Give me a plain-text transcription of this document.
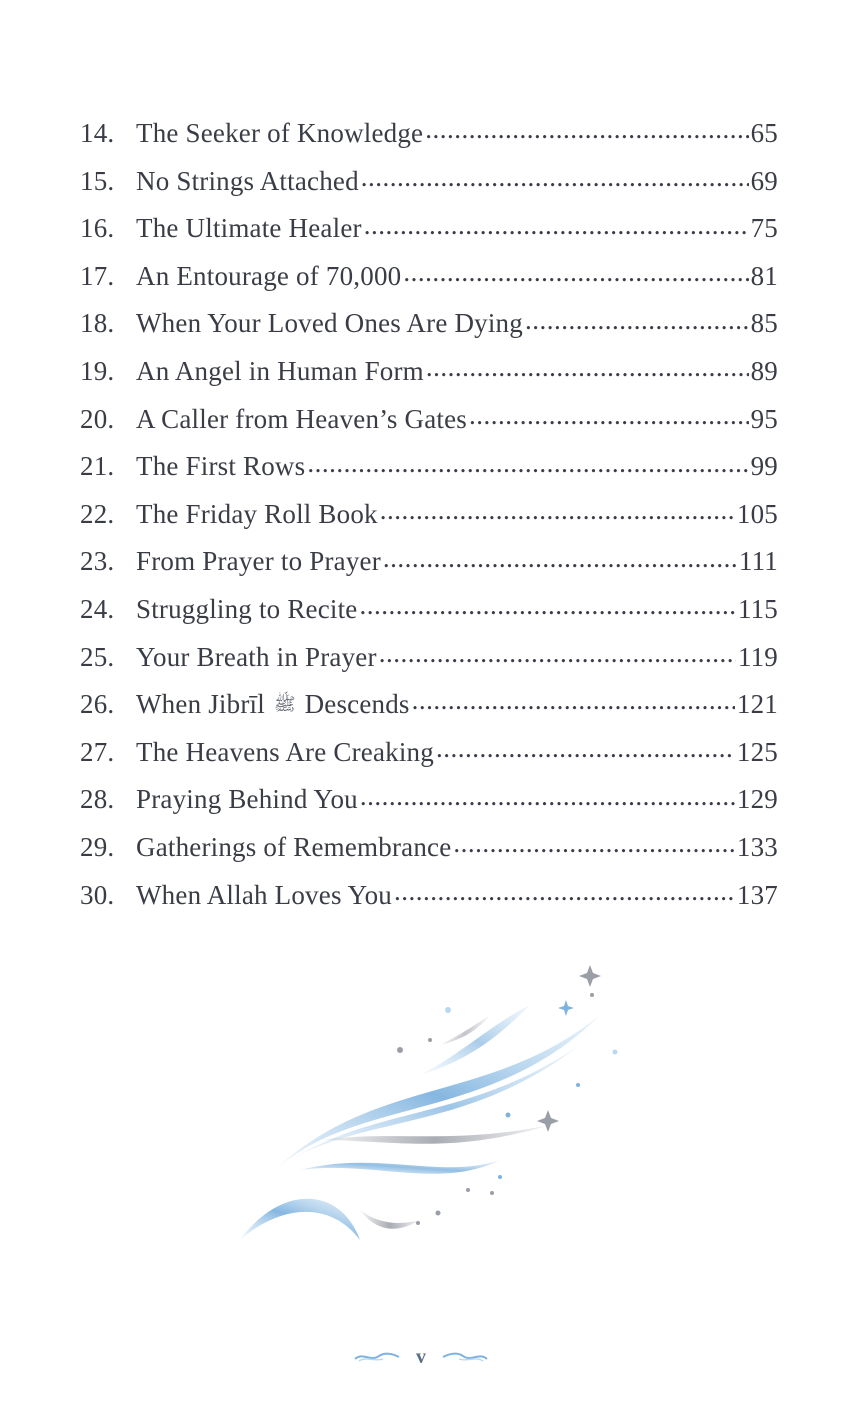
14. The Seeker of Knowledge .....	65
15. No Strings Attached .....	69
16. The Ultimate Healer .....	75
17. An Entourage of 70,000 .....	81
18. When Your Loved Ones Are Dying .....	85
19. An Angel in Human Form .....	89
20. A Caller from Heaven’s Gates .....	95
21. The First Rows .....	99
22. The Friday Roll Book .....	105
23. From Prayer to Prayer .....	111
24. Struggling to Recite .....	115
25. Your Breath in Prayer .....	119
26. When Jibrīl ﷺ Descends .....	121
27. The Heavens Are Creaking .....	125
28. Praying Behind You .....	129
29. Gatherings of Remembrance .....	133
30. When Allah Loves You .....	137
v
